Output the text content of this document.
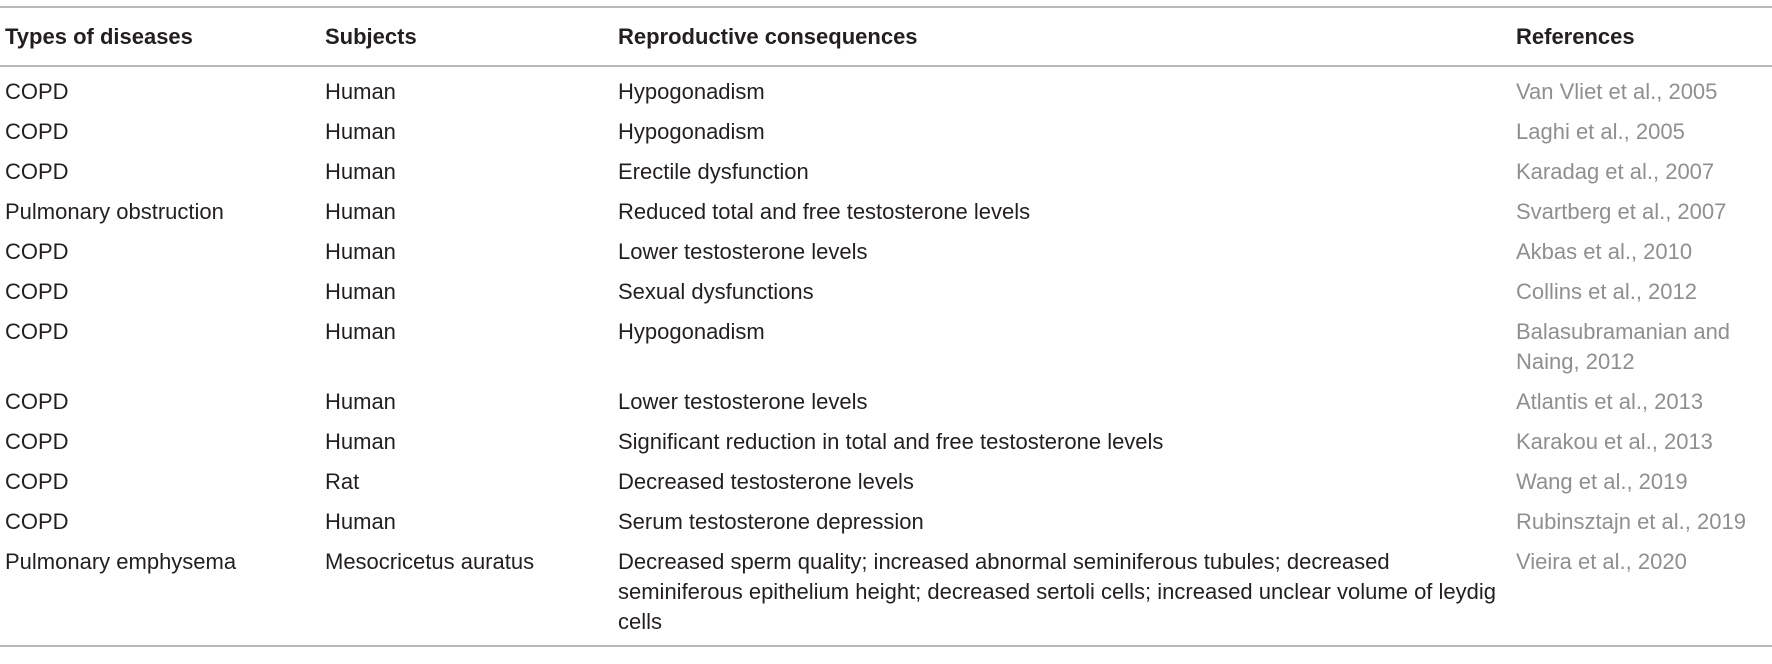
Types of diseases	Subjects	Reproductive consequences	References
COPD	Human	Hypogonadism	Van Vliet et al., 2005
COPD	Human	Hypogonadism	Laghi et al., 2005
COPD	Human	Erectile dysfunction	Karadag et al., 2007
Pulmonary obstruction	Human	Reduced total and free testosterone levels	Svartberg et al., 2007
COPD	Human	Lower testosterone levels	Akbas et al., 2010
COPD	Human	Sexual dysfunctions	Collins et al., 2012
COPD	Human	Hypogonadism	Balasubramanian and Naing, 2012
COPD	Human	Lower testosterone levels	Atlantis et al., 2013
COPD	Human	Significant reduction in total and free testosterone levels	Karakou et al., 2013
COPD	Rat	Decreased testosterone levels	Wang et al., 2019
COPD	Human	Serum testosterone depression	Rubinsztajn et al., 2019
Pulmonary emphysema	Mesocricetus auratus	Decreased sperm quality; increased abnormal seminiferous tubules; decreased seminiferous epithelium height; decreased sertoli cells; increased unclear volume of leydig cells	Vieira et al., 2020
